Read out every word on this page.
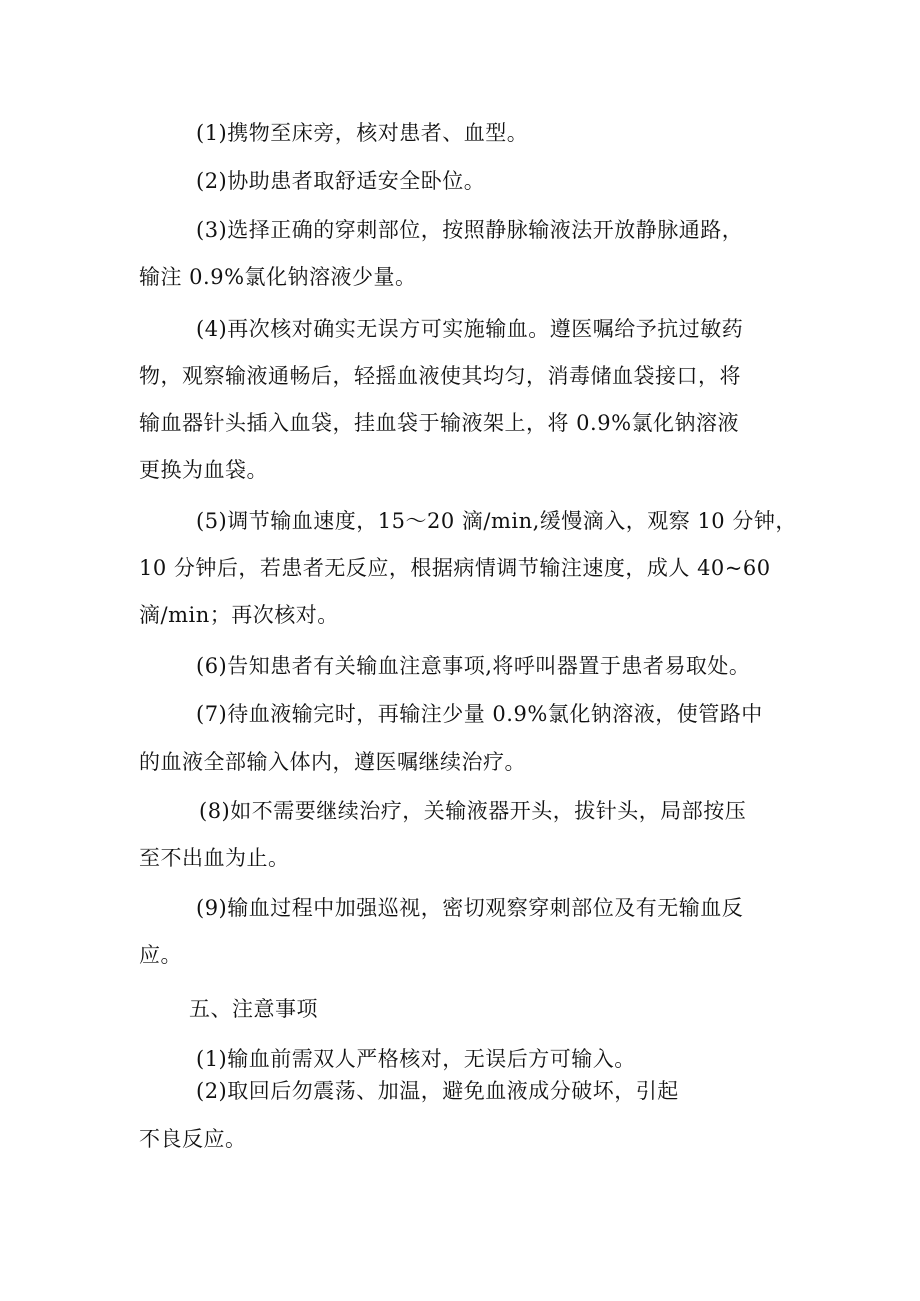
(1)携物至床旁，核对患者、血型。
(2)协助患者取舒适安全卧位。
(3)选择正确的穿刺部位，按照静脉输液法开放静脉通路，
输注 0.9%氯化钠溶液少量。
(4)再次核对确实无误方可实施输血。遵医嘱给予抗过敏药
物，观察输液通畅后，轻摇血液使其均匀，消毒储血袋接口，将
输血器针头插入血袋，挂血袋于输液架上，将 0.9%氯化钠溶液
更换为血袋。
(5)调节输血速度，15～20 滴/min,缓慢滴入，观察 10 分钟，
10 分钟后，若患者无反应，根据病情调节输注速度，成人 40~60
滴/min；再次核对。
(6)告知患者有关输血注意事项,将呼叫器置于患者易取处。
(7)待血液输完时，再输注少量 0.9%氯化钠溶液，使管路中
的血液全部输入体内，遵医嘱继续治疗。
(8)如不需要继续治疗，关输液器开头，拔针头，局部按压
至不出血为止。
(9)输血过程中加强巡视，密切观察穿刺部位及有无输血反
应。
五、注意事项
(1)输血前需双人严格核对，无误后方可输入。
(2)取回后勿震荡、加温，避免血液成分破坏，引起
不良反应。
